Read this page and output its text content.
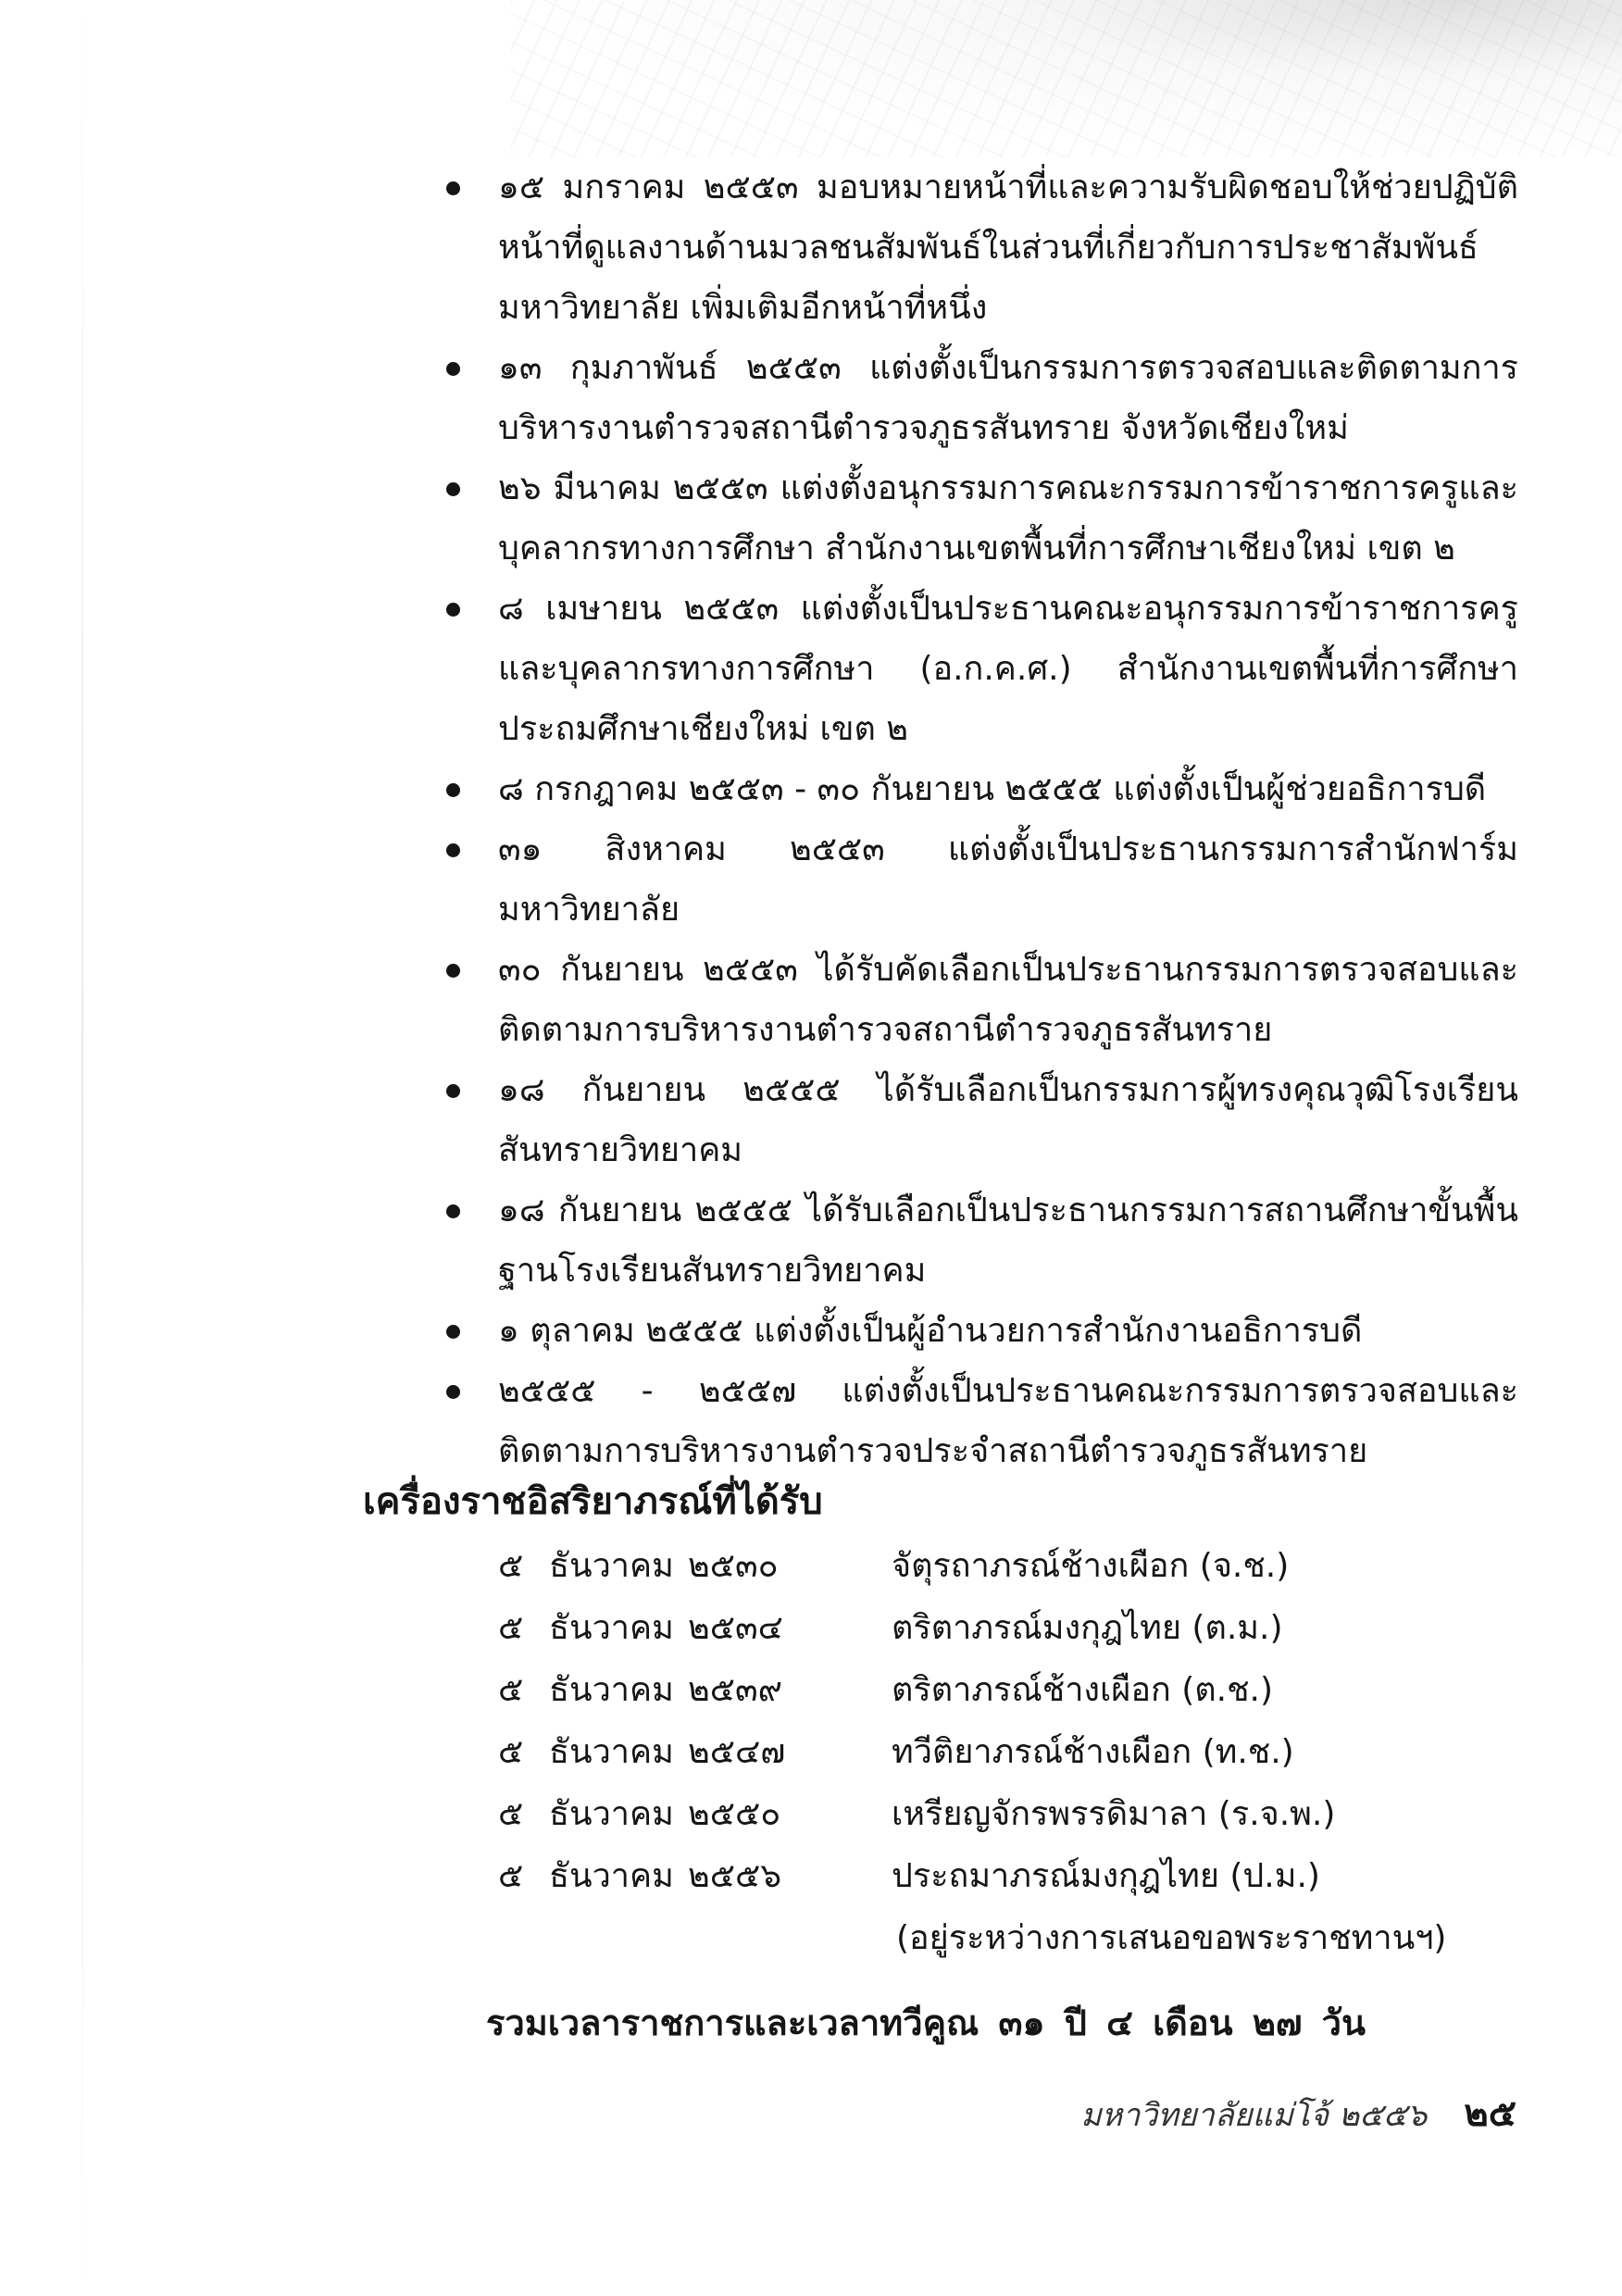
๑๕ มกราคม ๒๕๕๓ มอบหมายหน้าที่และความรับผิดชอบให้ช่วยปฏิบัติหน้าที่ดูแลงานด้านมวลชนสัมพันธ์ในส่วนที่เกี่ยวกับการประชาสัมพันธ์มหาวิทยาลัย เพิ่มเติมอีกหน้าที่หนึ่ง
๑๓ กุมภาพันธ์ ๒๕๕๓ แต่งตั้งเป็นกรรมการตรวจสอบและติดตามการบริหารงานตำรวจสถานีตำรวจภูธรสันทราย จังหวัดเชียงใหม่
๒๖ มีนาคม ๒๕๕๓ แต่งตั้งอนุกรรมการคณะกรรมการข้าราชการครูและบุคลากรทางการศึกษา สำนักงานเขตพื้นที่การศึกษาเชียงใหม่ เขต ๒
๘ เมษายน ๒๕๕๓ แต่งตั้งเป็นประธานคณะอนุกรรมการข้าราชการครูและบุคลากรทางการศึกษา (อ.ก.ค.ศ.) สำนักงานเขตพื้นที่การศึกษาประถมศึกษาเชียงใหม่ เขต ๒
๘ กรกฎาคม ๒๕๕๓ - ๓๐ กันยายน ๒๕๕๕ แต่งตั้งเป็นผู้ช่วยอธิการบดี
๓๑ สิงหาคม ๒๕๕๓ แต่งตั้งเป็นประธานกรรมการสำนักฟาร์มมหาวิทยาลัย
๓๐ กันยายน ๒๕๕๓ ได้รับคัดเลือกเป็นประธานกรรมการตรวจสอบและติดตามการบริหารงานตำรวจสถานีตำรวจภูธรสันทราย
๑๘ กันยายน ๒๕๕๕ ได้รับเลือกเป็นกรรมการผู้ทรงคุณวุฒิโรงเรียนสันทรายวิทยาคม
๑๘ กันยายน ๒๕๕๕ ได้รับเลือกเป็นประธานกรรมการสถานศึกษาขั้นพื้นฐานโรงเรียนสันทรายวิทยาคม
๑ ตุลาคม ๒๕๕๕ แต่งตั้งเป็นผู้อำนวยการสำนักงานอธิการบดี
๒๕๕๕ - ๒๕๕๗ แต่งตั้งเป็นประธานคณะกรรมการตรวจสอบและติดตามการบริหารงานตำรวจประจำสถานีตำรวจภูธรสันทราย
เครื่องราชอิสริยาภรณ์ที่ได้รับ
๕ ธันวาคม ๒๕๓๐	จัตุรถาภรณ์ช้างเผือก (จ.ช.)
๕ ธันวาคม ๒๕๓๔	ตริตาภรณ์มงกุฎไทย (ต.ม.)
๕ ธันวาคม ๒๕๓๙	ตริตาภรณ์ช้างเผือก (ต.ช.)
๕ ธันวาคม ๒๕๔๗	ทวีติยาภรณ์ช้างเผือก (ท.ช.)
๕ ธันวาคม ๒๕๕๐	เหรียญจักรพรรดิมาลา (ร.จ.พ.)
๕ ธันวาคม ๒๕๕๖	ประถมาภรณ์มงกุฎไทย (ป.ม.)
(อยู่ระหว่างการเสนอขอพระราชทานฯ)

รวมเวลาราชการและเวลาทวีคูณ ๓๑ ปี ๔ เดือน ๒๗ วัน

มหาวิทยาลัยแม่โจ้ ๒๕๕๖ ๒๕
